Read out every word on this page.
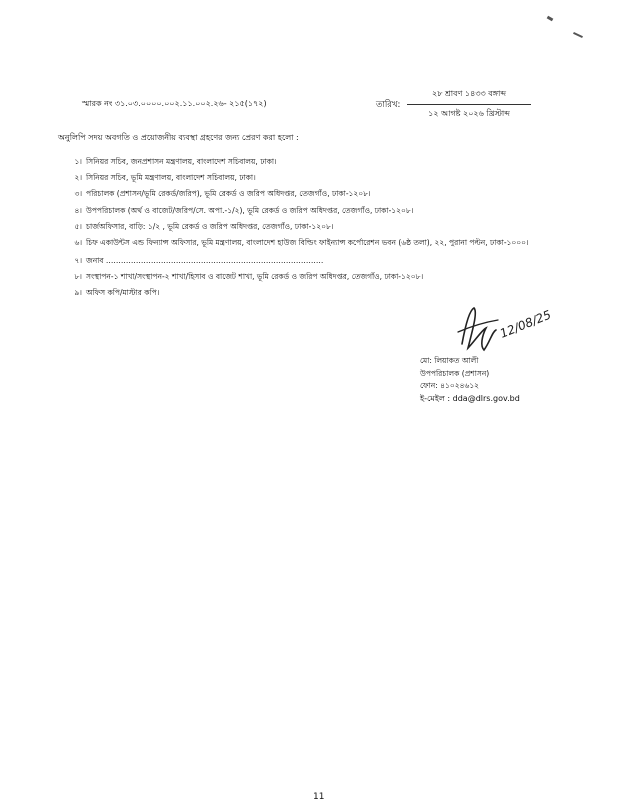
স্মারক নং ৩১.০৩.০০০০.০০২.১১.০০২.২৬- ২১৫(১৭২)	তারিখ:
২৮ শ্রাবণ ১৪৩৩ বঙ্গাব্দ
১২ আগষ্ট ২০২৬ খ্রিস্টাব্দ
অনুলিপি সদয় অবগতি ও প্রয়োজনীয় ব্যবস্থা গ্রহণের জন্য প্রেরণ করা হলো :
১। সিনিয়র সচিব, জনপ্রশাসন মন্ত্রণালয়, বাংলাদেশ সচিবালয়, ঢাকা।
২। সিনিয়র সচিব, ভূমি মন্ত্রণালয়, বাংলাদেশ সচিবালয়, ঢাকা।
৩। পরিচালক (প্রশাসন/ভূমি রেকর্ড/জরিপ), ভূমি রেকর্ড ও জরিপ অধিদপ্তর, তেজগাঁও, ঢাকা-১২০৮।
৪। উপপরিচালক (অর্থ ও বাজেট/জরিপ/সে. অপা.-১/২), ভূমি রেকর্ড ও জরিপ অধিদপ্তর, তেজগাঁও, ঢাকা-১২০৮।
৫। চার্জঅফিসার, বাড়ি: ১/২ , ভূমি রেকর্ড ও জরিপ অধিদপ্তর, তেজগাঁও, ঢাকা-১২০৮।
৬। চিফ একাউন্টস এন্ড ফিন্যান্স অফিসার, ভূমি মন্ত্রণালয়, বাংলাদেশ হাউজ বিল্ডিং ফাইন্যান্স কর্পোরেশন ভবন (৬ষ্ঠ তলা), ২২, পুরানা পল্টন, ঢাকা-১০০০।
৭। জনাব ……………………………………………………………………………
৮। সংস্থাপন-১ শাখা/সংস্থাপন-২ শাখা/হিসাব ও বাজেট শাখা, ভূমি রেকর্ড ও জরিপ অধিদপ্তর, তেজগাঁও, ঢাকা-১২০৮।
৯। অফিস কপি/মাস্টার কপি।
12/08/25
মো: লিয়াকত আলী
উপপরিচালক (প্রশাসন)
ফোন: ৪১০২৪৬১২
ই-মেইল : dda@dlrs.gov.bd
11
